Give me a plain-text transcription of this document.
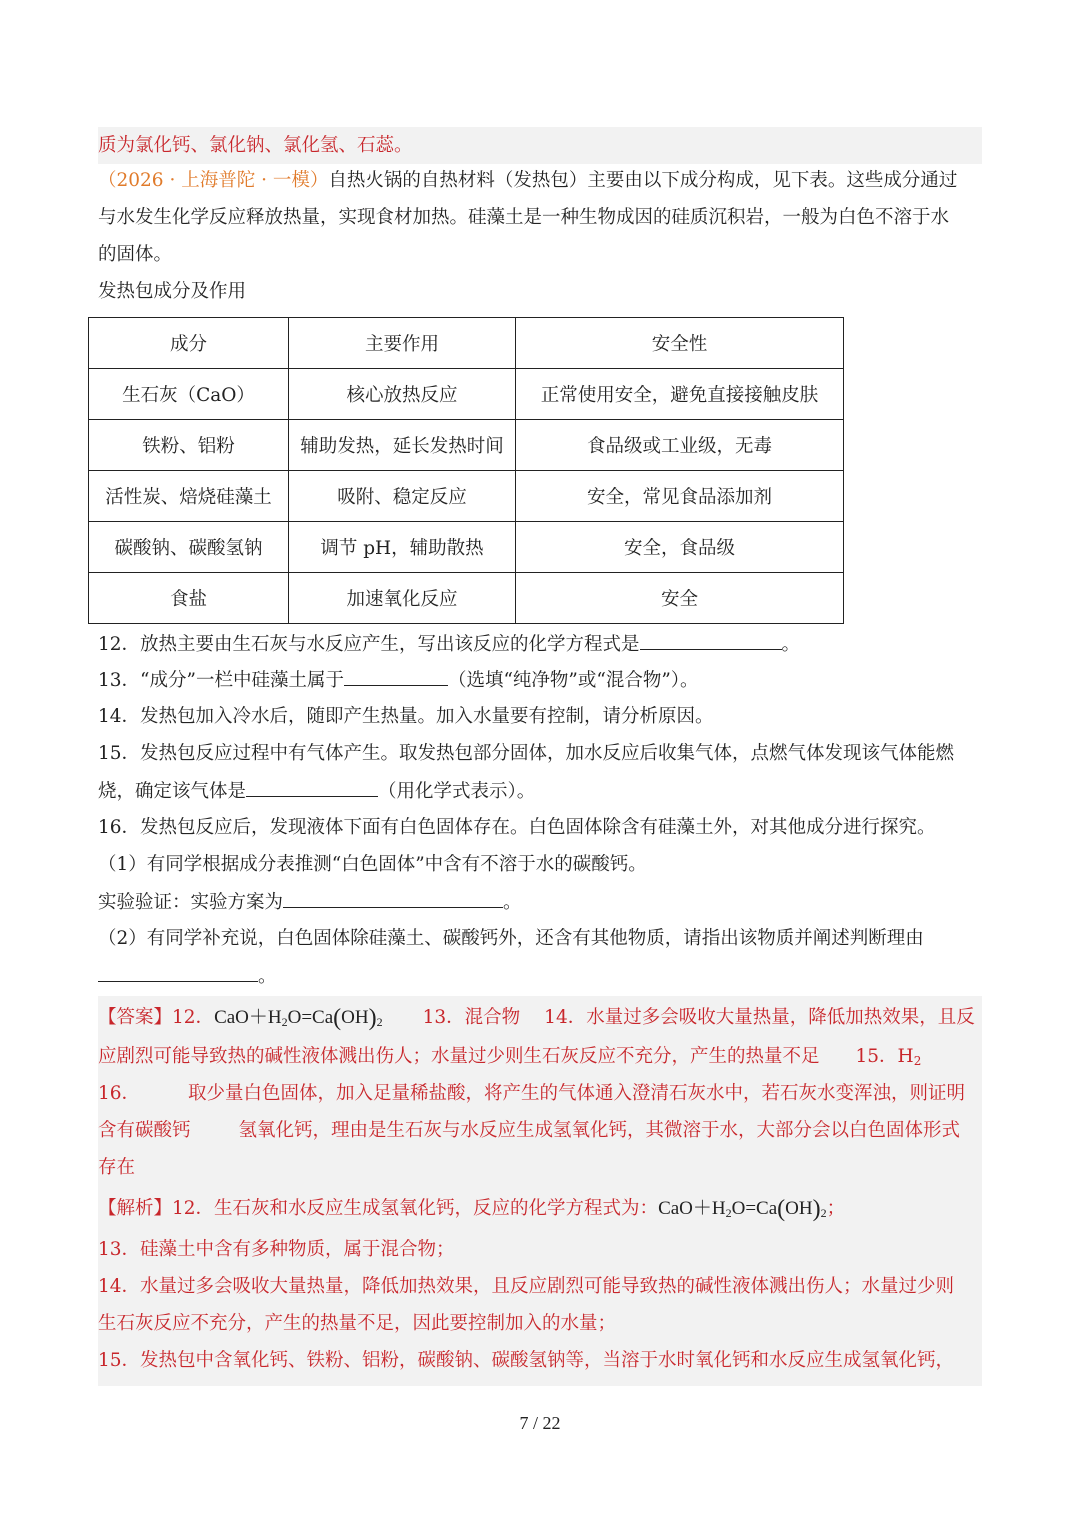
质为氯化钙、氯化钠、氯化氢、石蕊。
（2026 · 上海普陀 · 一模）自热火锅的自热材料（发热包）主要由以下成分构成，见下表。这些成分通过
与水发生化学反应释放热量，实现食材加热。硅藻土是一种生物成因的硅质沉积岩，一般为白色不溶于水
的固体。
发热包成分及作用
成分	主要作用	安全性
生石灰（CaO）	核心放热反应	正常使用安全，避免直接接触皮肤
铁粉、铝粉	辅助发热，延长发热时间	食品级或工业级，无毒
活性炭、焙烧硅藻土	吸附、稳定反应	安全，常见食品添加剂
碳酸钠、碳酸氢钠	调节 pH，辅助散热	安全，食品级
食盐	加速氧化反应	安全
12．放热主要由生石灰与水反应产生，写出该反应的化学方程式是	。
13．“成分”一栏中硅藻土属于	（选填“纯净物”或“混合物”）。
14．发热包加入冷水后，随即产生热量。加入水量要有控制，请分析原因。
15．发热包反应过程中有气体产生。取发热包部分固体，加水反应后收集气体，点燃气体发现该气体能燃
烧，确定该气体是	（用化学式表示）。
16．发热包反应后，发现液体下面有白色固体存在。白色固体除含有硅藻土外，对其他成分进行探究。
（1）有同学根据成分表推测“白色固体”中含有不溶于水的碳酸钙。
实验验证：实验方案为	。
（2）有同学补充说，白色固体除硅藻土、碳酸钙外，还含有其他物质，请指出该物质并阐述判断理由
。
【答案】12．$CaO+H_2O=Ca(OH)_2$ 13．混合物 14．水量过多会吸收大量热量，降低加热效果，且反
应剧烈可能导致热的碱性液体溅出伤人；水量过少则生石灰反应不充分，产生的热量不足 15．$H_2$
16．	取少量白色固体，加入足量稀盐酸，将产生的气体通入澄清石灰水中，若石灰水变浑浊，则证明
含有碳酸钙	氢氧化钙，理由是生石灰与水反应生成氢氧化钙，其微溶于水，大部分会以白色固体形式
存在
【解析】12．生石灰和水反应生成氢氧化钙，反应的化学方程式为：$CaO+H_2O=Ca(OH)_2$；
13．硅藻土中含有多种物质，属于混合物；
14．水量过多会吸收大量热量，降低加热效果，且反应剧烈可能导致热的碱性液体溅出伤人；水量过少则
生石灰反应不充分，产生的热量不足，因此要控制加入的水量；
15．发热包中含氧化钙、铁粉、铝粉，碳酸钠、碳酸氢钠等，当溶于水时氧化钙和水反应生成氢氧化钙，
7 / 22
